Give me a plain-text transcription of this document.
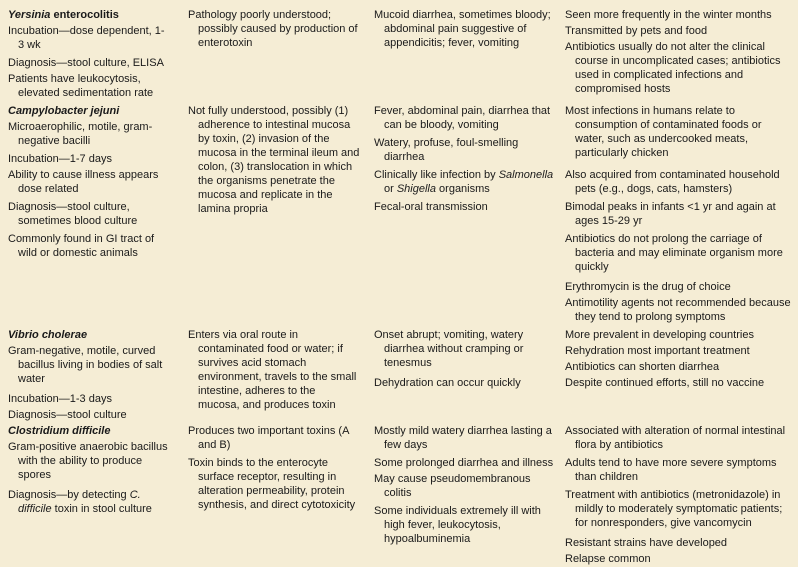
Yersinia enterocolitis

Incubation—dose dependent, 1-3 wk

Diagnosis—stool culture, ELISA

Patients have leukocytosis, elevated sedimentation rate

Pathology poorly understood; possibly caused by production of enterotoxin

Mucoid diarrhea, sometimes bloody; abdominal pain suggestive of appendicitis; fever, vomiting

Seen more frequently in the winter months

Transmitted by pets and food

Antibiotics usually do not alter the clinical course in uncomplicated cases; antibiotics used in complicated infections and compromised hosts

Campylobacter jejuni

Microaerophilic, motile, gram-negative bacilli

Incubation—1-7 days

Ability to cause illness appears dose related

Diagnosis—stool culture, sometimes blood culture

Commonly found in GI tract of wild or domestic animals

Not fully understood, possibly (1) adherence to intestinal mucosa by toxin, (2) invasion of the mucosa in the terminal ileum and colon, (3) translocation in which the organisms penetrate the mucosa and replicate in the lamina propria

Fever, abdominal pain, diarrhea that can be bloody, vomiting

Watery, profuse, foul-smelling diarrhea

Clinically like infection by Salmonella or Shigella organisms

Fecal-oral transmission

Most infections in humans relate to consumption of contaminated foods or water, such as undercooked meats, particularly chicken

Also acquired from contaminated household pets (e.g., dogs, cats, hamsters)

Bimodal peaks in infants <1 yr and again at ages 15-29 yr

Antibiotics do not prolong the carriage of bacteria and may eliminate organism more quickly

Erythromycin is the drug of choice

Antimotility agents not recommended because they tend to prolong symptoms

Vibrio cholerae

Gram-negative, motile, curved bacillus living in bodies of salt water

Incubation—1-3 days

Diagnosis—stool culture

Enters via oral route in contaminated food or water; if survives acid stomach environment, travels to the small intestine, adheres to the mucosa, and produces toxin

Onset abrupt; vomiting, watery diarrhea without cramping or tenesmus

Dehydration can occur quickly

More prevalent in developing countries

Rehydration most important treatment

Antibiotics can shorten diarrhea

Despite continued efforts, still no vaccine

Clostridium difficile

Gram-positive anaerobic bacillus with the ability to produce spores

Diagnosis—by detecting C. difficile toxin in stool culture

Produces two important toxins (A and B)

Toxin binds to the enterocyte surface receptor, resulting in alteration permeability, protein synthesis, and direct cytotoxicity

Mostly mild watery diarrhea lasting a few days

Some prolonged diarrhea and illness

May cause pseudomembranous colitis

Some individuals extremely ill with high fever, leukocytosis, hypoalbuminemia

Associated with alteration of normal intestinal flora by antibiotics

Adults tend to have more severe symptoms than children

Treatment with antibiotics (metronidazole) in mildly to moderately symptomatic patients; for nonresponders, give vancomycin

Resistant strains have developed

Relapse common
